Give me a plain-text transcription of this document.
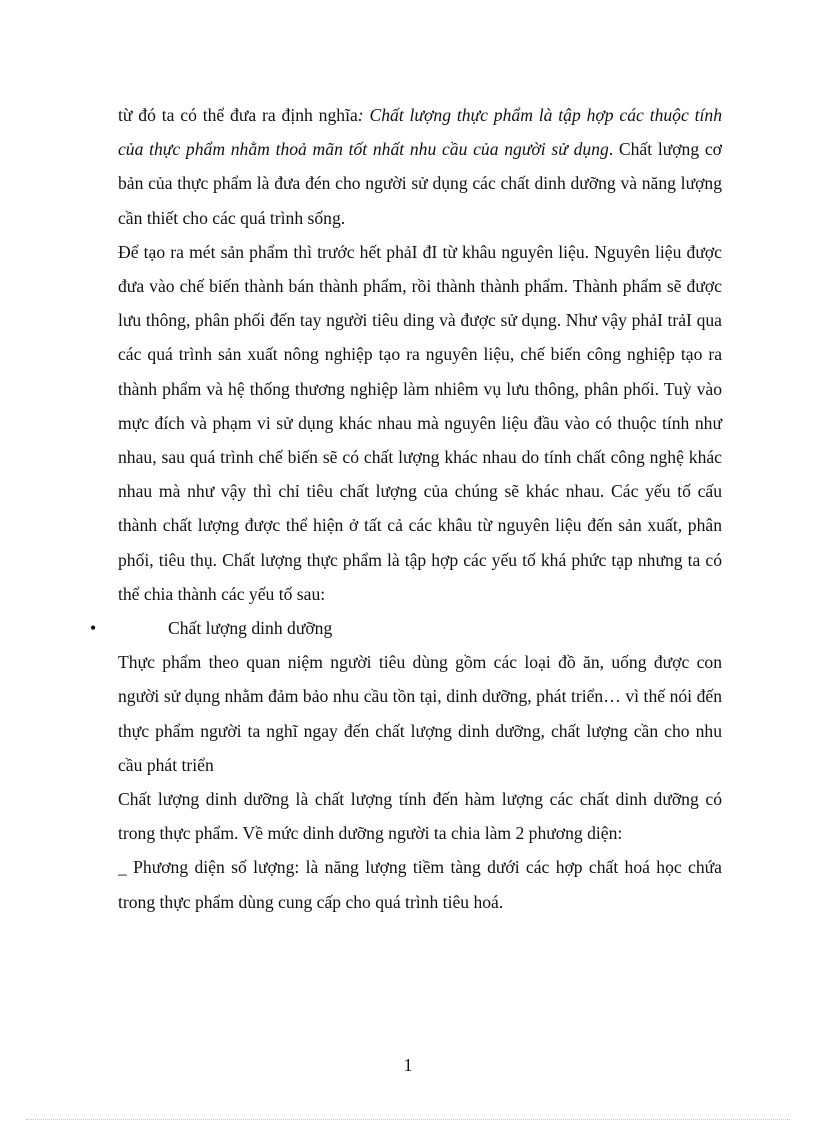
từ đó ta có thể đưa ra định nghĩa: Chất lượng thực phẩm là tập hợp các thuộc tính của thực phẩm nhằm thoả mãn tốt nhất nhu cầu của người sử dụng. Chất lượng cơ bản của thực phẩm là đưa đén cho người sử dụng các chất dinh dưỡng và năng lượng cần thiết cho các quá trình sống.

Để tạo ra mét sản phẩm thì trước hết phảI đI từ khâu nguyên liệu. Nguyên liệu được đưa vào chế biến thành bán thành phẩm, rồi thành thành phẩm. Thành phẩm sẽ được lưu thông, phân phối đến tay người tiêu ding và được sử dụng. Như vậy phảI trảI qua các quá trình sản xuất nông nghiệp tạo ra nguyên liệu, chế biến công nghiệp tạo ra thành phẩm và hệ thống thương nghiệp làm nhiêm vụ lưu thông, phân phối. Tuỳ vào mực đích và phạm vi sử dụng khác nhau mà nguyên liệu đầu vào có thuộc tính như nhau, sau quá trình chế biến sẽ có chất lượng khác nhau do tính chất công nghệ khác nhau mà như vậy thì chỉ tiêu chất lượng của chúng sẽ khác nhau. Các yếu tố cấu thành chất lượng được thể hiện ở tất cả các khâu từ nguyên liệu đến sản xuất, phân phối, tiêu thụ. Chất lượng thực phẩm là tập hợp các yếu tố khá phức tạp nhưng ta có thể chia thành các yếu tố sau:

•	Chất lượng dinh dưỡng

Thực phẩm theo quan niệm người tiêu dùng gồm các loại đồ ăn, uống được con người sử dụng nhằm đảm bảo nhu cầu tồn tại, dinh dưỡng, phát triển… vì thế nói đến thực phẩm người ta nghĩ ngay đến chất lượng dinh dưỡng, chất lượng cần cho nhu cầu phát triển

Chất lượng dinh dưỡng là chất lượng tính đến hàm lượng các chất dinh dưỡng có trong thực phẩm. Về mức dinh dưỡng người ta chia làm 2 phương diện:

_ Phương diện số lượng: là năng lượng tiềm tàng dưới các hợp chất hoá học chứa trong thực phẩm dùng cung cấp cho quá trình tiêu hoá.

1
